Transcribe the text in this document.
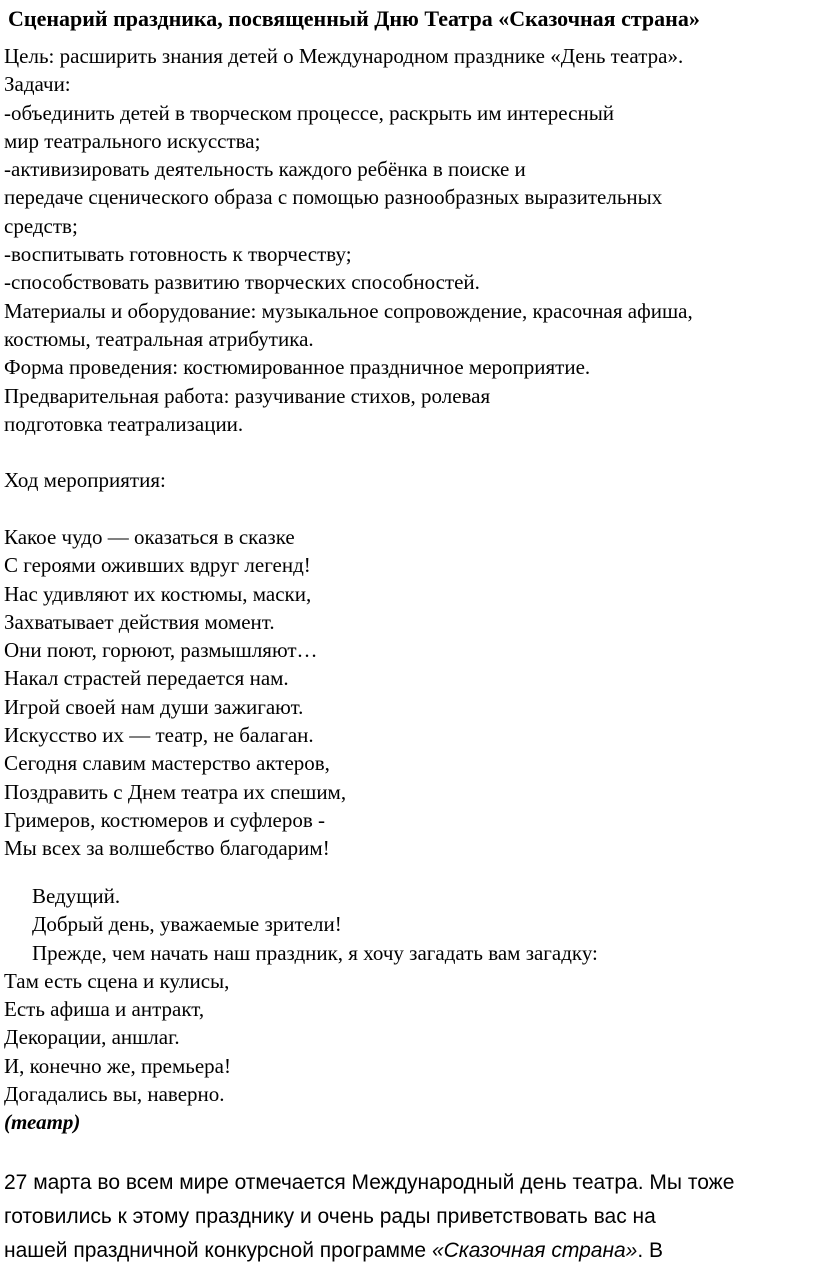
Сценарий праздника, посвященный Дню Театра «Сказочная страна»
Цель: расширить знания детей о Международном празднике «День театра».
Задачи:
-объединить детей в творческом процессе, раскрыть им интересный
мир театрального искусства;
-активизировать деятельность каждого ребёнка в поиске и
передаче сценического образа с помощью разнообразных выразительных
средств;
-воспитывать готовность к творчеству;
-способствовать развитию творческих способностей.
Материалы и оборудование: музыкальное сопровождение, красочная афиша,
костюмы, театральная атрибутика.
Форма проведения: костюмированное праздничное мероприятие.
Предварительная работа: разучивание стихов, ролевая
подготовка театрализации.
Ход мероприятия:
Какое чудо — оказаться в сказке
С героями оживших вдруг легенд!
Нас удивляют их костюмы, маски,
Захватывает действия момент.
Они поют, горюют, размышляют…
Накал страстей передается нам.
Игрой своей нам души зажигают.
Искусство их — театр, не балаган.
Сегодня славим мастерство актеров,
Поздравить с Днем театра их спешим,
Гримеров, костюмеров и суфлеров -
Мы всех за волшебство благодарим!
Ведущий.
Добрый день, уважаемые зрители!
Прежде, чем начать наш праздник, я хочу загадать вам загадку:
Там есть сцена и кулисы,
Есть афиша и антракт,
Декорации, аншлаг.
И, конечно же, премьера!
Догадались вы, наверно.
(театр)
27 марта во всем мире отмечается Международный день театра. Мы тоже
готовились к этому празднику и очень рады приветствовать вас на
нашей праздничной конкурсной программе «Сказочная страна». В
